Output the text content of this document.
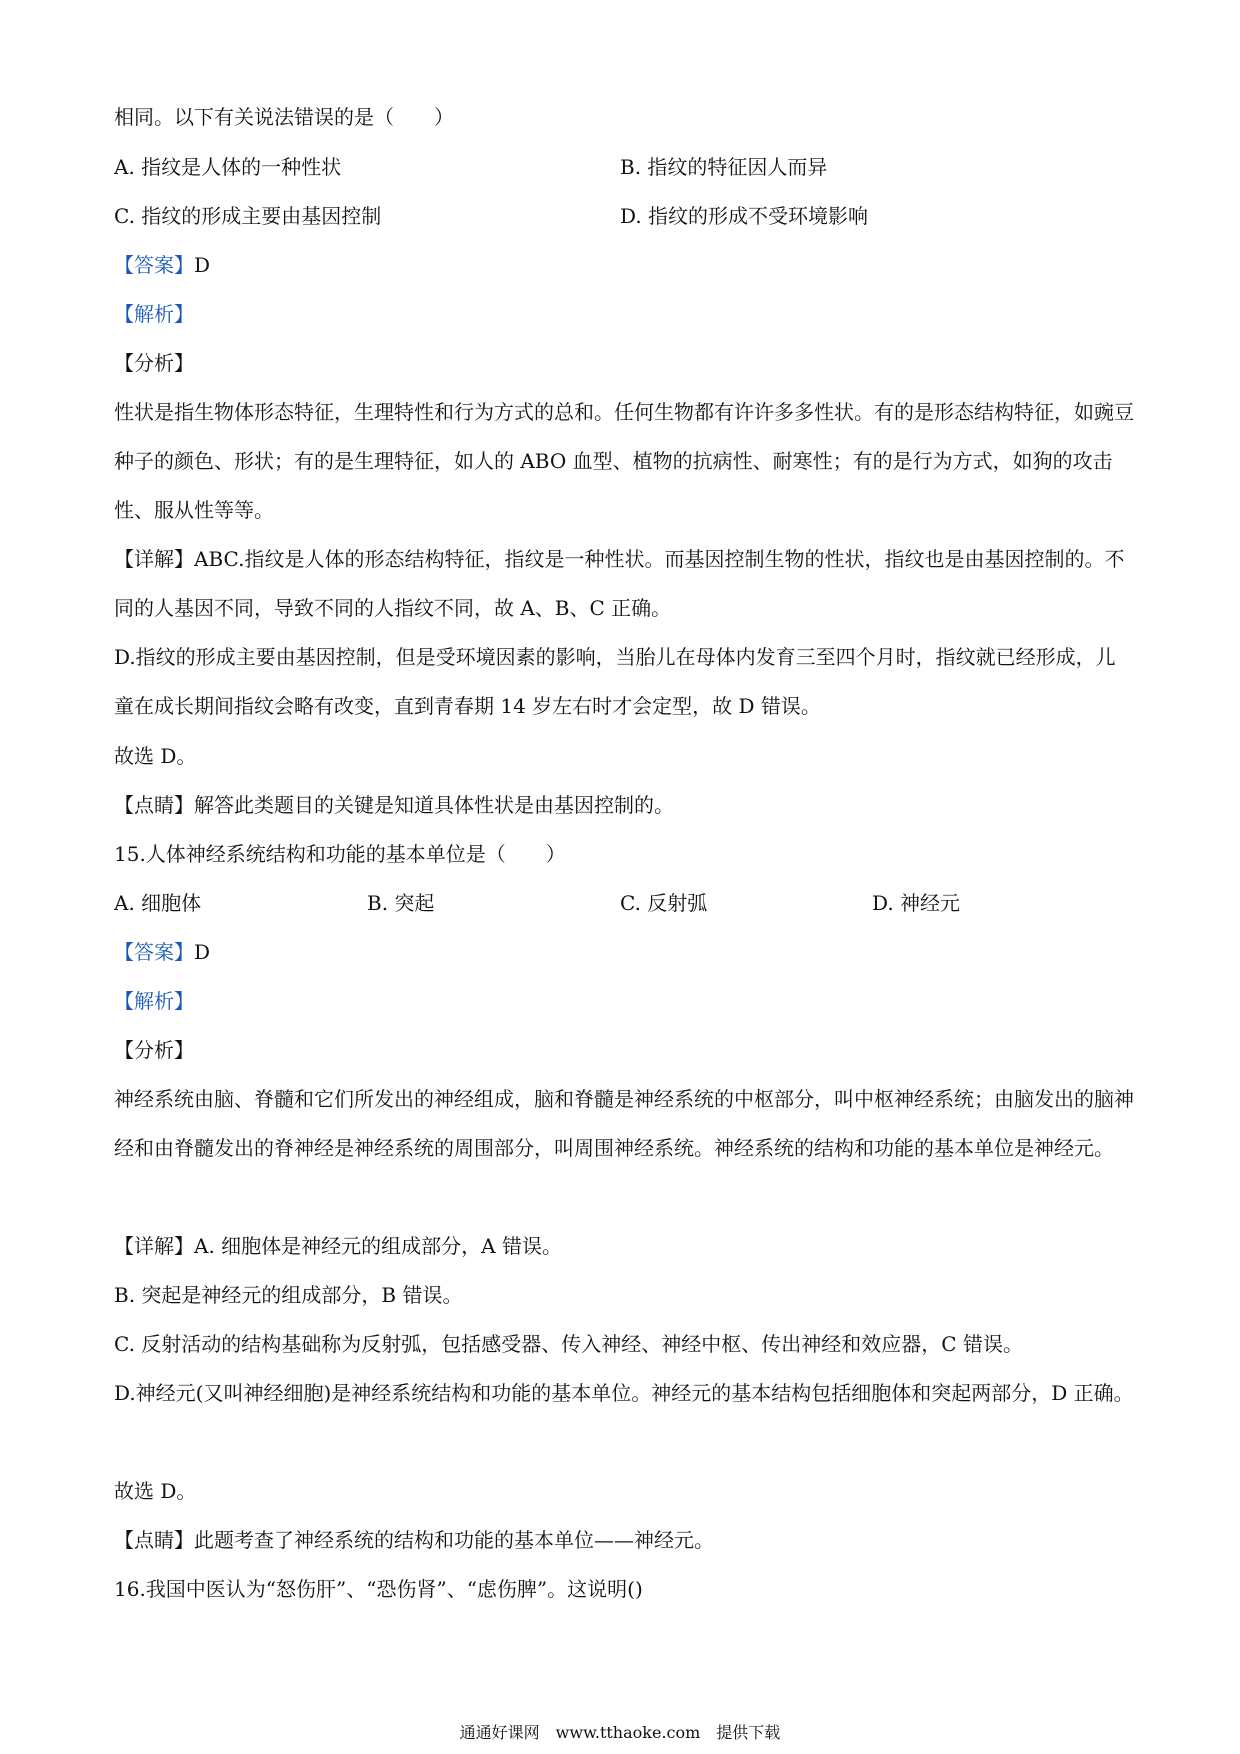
相同。以下有关说法错误的是（　　）
A. 指纹是人体的一种性状	B. 指纹的特征因人而异
C. 指纹的形成主要由基因控制	D. 指纹的形成不受环境影响
【答案】D
【解析】
【分析】
性状是指生物体形态特征，生理特性和行为方式的总和。任何生物都有许许多多性状。有的是形态结构特征，如豌豆种子的颜色、形状；有的是生理特征，如人的 ABO 血型、植物的抗病性、耐寒性；有的是行为方式，如狗的攻击性、服从性等等。
【详解】ABC.指纹是人体的形态结构特征，指纹是一种性状。而基因控制生物的性状，指纹也是由基因控制的。不同的人基因不同，导致不同的人指纹不同，故 A、B、C 正确。
D.指纹的形成主要由基因控制，但是受环境因素的影响，当胎儿在母体内发育三至四个月时，指纹就已经形成，儿童在成长期间指纹会略有改变，直到青春期 14 岁左右时才会定型，故 D 错误。
故选 D。
【点睛】解答此类题目的关键是知道具体性状是由基因控制的。
15.人体神经系统结构和功能的基本单位是（　　）
A. 细胞体	B. 突起	C. 反射弧	D. 神经元
【答案】D
【解析】
【分析】
神经系统由脑、脊髓和它们所发出的神经组成，脑和脊髓是神经系统的中枢部分，叫中枢神经系统；由脑发出的脑神经和由脊髓发出的脊神经是神经系统的周围部分，叫周围神经系统。神经系统的结构和功能的基本单位是神经元。
【详解】A. 细胞体是神经元的组成部分，A 错误。
B. 突起是神经元的组成部分，B 错误。
C. 反射活动的结构基础称为反射弧，包括感受器、传入神经、神经中枢、传出神经和效应器，C 错误。
D.神经元(又叫神经细胞)是神经系统结构和功能的基本单位。神经元的基本结构包括细胞体和突起两部分，D 正确。
故选 D。
【点睛】此题考查了神经系统的结构和功能的基本单位——神经元。
16.我国中医认为“怒伤肝”、“恐伤肾”、“虑伤脾”。这说明()
通通好课网　www.tthaoke.com　提供下载
